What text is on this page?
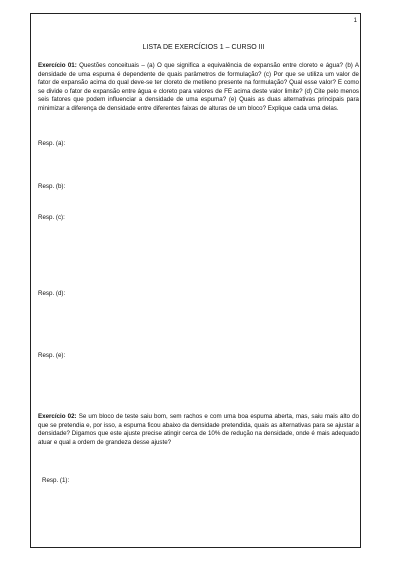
1
LISTA DE EXERCÍCIOS 1 – CURSO III
Exercício 01: Questões conceituais – (a) O que significa a equivalência de expansão entre cloreto e água? (b) A densidade de uma espuma é dependente de quais parâmetros de formulação? (c) Por que se utiliza um valor de fator de expansão acima do qual deve-se ter cloreto de metileno presente na formulação? Qual esse valor? E como se divide o fator de expansão entre água e cloreto para valores de FE acima deste valor limite? (d) Cite pelo menos seis fatores que podem influenciar a densidade de uma espuma? (e) Quais as duas alternativas principais para minimizar a diferença de densidade entre diferentes faixas de alturas de um bloco? Explique cada uma delas.
Resp. (a):
Resp. (b):
Resp. (c):
Resp. (d):
Resp. (e):
Exercício 02: Se um bloco de teste saiu bom, sem rachos e com uma boa espuma aberta, mas, saiu mais alto do que se pretendia e, por isso, a espuma ficou abaixo da densidade pretendida, quais as alternativas para se ajustar a densidade? Digamos que este ajuste precise atingir cerca de 10% de redução na densidade, onde é mais adequado atuar e qual a ordem de grandeza desse ajuste?
Resp. (1):
